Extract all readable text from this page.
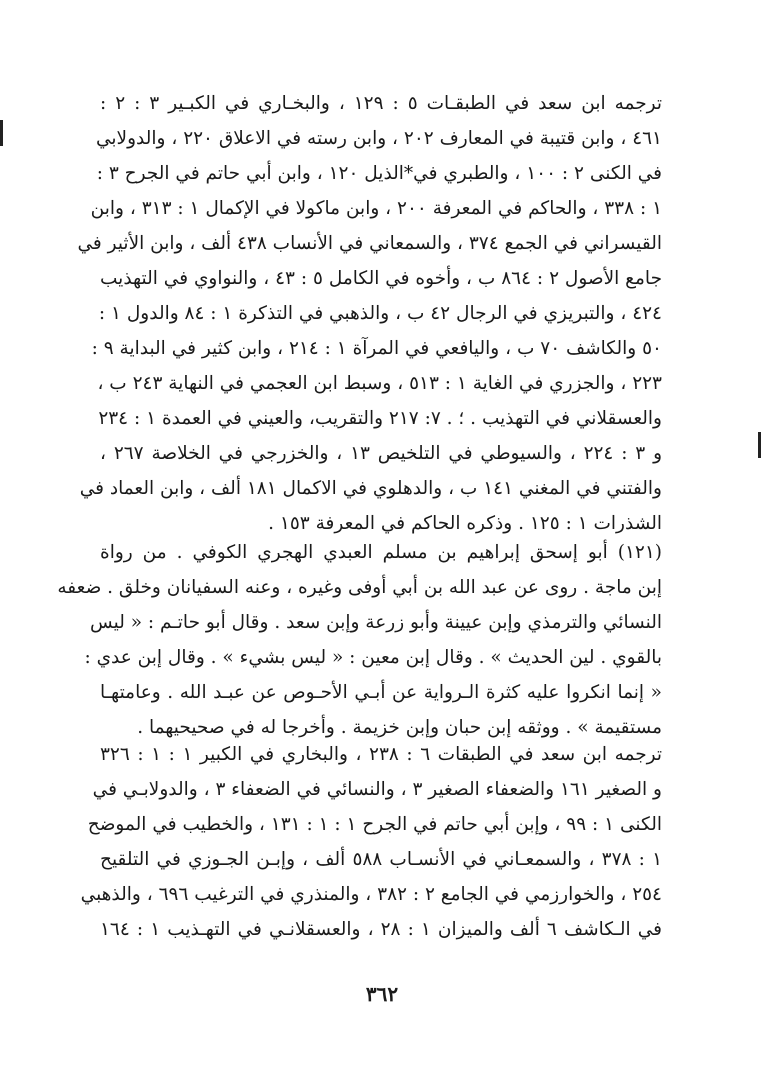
ترجمه ابن سعد في الطبقـات ٥ : ١٢٩ ، والبخـاري في الكبـير ٣ : ٢ :
٤٦١ ، وابن قتيبة في المعارف ٢٠٢ ، وابن رسته في الاعلاق ٢٢٠ ، والدولابي
في الكنى ٢ : ١٠٠ ، والطبري في*الذيل ١٢٠ ، وابن أبي حاتم في الجرح ٣ :
١ : ٣٣٨ ، والحاكم في المعرفة ٢٠٠ ، وابن ماكولا في الإكمال ١ : ٣١٣ ، وابن
القيسراني في الجمع ٣٧٤ ، والسمعاني في الأنساب ٤٣٨ ألف ، وابن الأثير في
جامع الأصول ٢ : ٨٦٤ ب ، وأخوه في الكامل ٥ : ٤٣ ، والنواوي في التهذيب
٤٢٤ ، والتبريزي في الرجال ٤٢ ب ، والذهبي في التذكرة ١ : ٨٤ والدول ١ :
٥٠ والكاشف ٧٠ ب ، واليافعي في المرآة ١ : ٢١٤ ، وابن كثير في البداية ٩ :
٢٢٣ ، والجزري في الغاية ١ : ٥١٣ ، وسبط ابن العجمي في النهاية ٢٤٣ ب ،
والعسقلاني في التهذيب . ؛ . ٧: ٢١٧ والتقريب، والعيني في العمدة ١ : ٢٣٤
و ٣ : ٢٢٤ ، والسيوطي في التلخيص ١٣ ، والخزرجي في الخلاصة ٢٦٧ ،
والفتني في المغني ١٤١ ب ، والدهلوي في الاكمال ١٨١ ألف ، وابن العماد في
الشذرات ١ : ١٢٥ . وذكره الحاكم في المعرفة ١٥٣ .
(١٢١) أبو إسحق إبراهيم بن مسلم العبدي الهجري الكوفي . من رواة
إبن ماجة . روى عن عبد الله بن أبي أوفى وغيره ، وعنه السفيانان وخلق . ضعفه
النسائي والترمذي وإبن عيينة وأبو زرعة وإبن سعد . وقال أبو حاتـم : « ليس
بالقوي . لين الحديث » . وقال إبن معين : « ليس بشيء » . وقال إبن عدي :
« إنما انكروا عليه كثرة الـرواية عن أبـي الأحـوص عن عبـد الله . وعامتهـا
مستقيمة » . ووثقه إبن حبان وإبن خزيمة . وأخرجا له في صحيحيهما .
ترجمه ابن سعد في الطبقات ٦ : ٢٣٨ ، والبخاري في الكبير ١ : ١ : ٣٢٦
و الصغير ١٦١ والضعفاء الصغير ٣ ، والنسائي في الضعفاء ٣ ، والدولابـي في
الكنى ١ : ٩٩ ، وإبن أبي حاتم في الجرح ١ : ١ : ١٣١ ، والخطيب في الموضح
١ : ٣٧٨ ، والسمعـاني في الأنسـاب ٥٨٨ ألف ، وإبـن الجـوزي في التلقيح
٢٥٤ ، والخوارزمي في الجامع ٢ : ٣٨٢ ، والمنذري في الترغيب ٦٩٦ ، والذهبي
في الـكاشف ٦ ألف والميزان ١ : ٢٨ ، والعسقلانـي في التهـذيب ١ : ١٦٤
٣٦٢
